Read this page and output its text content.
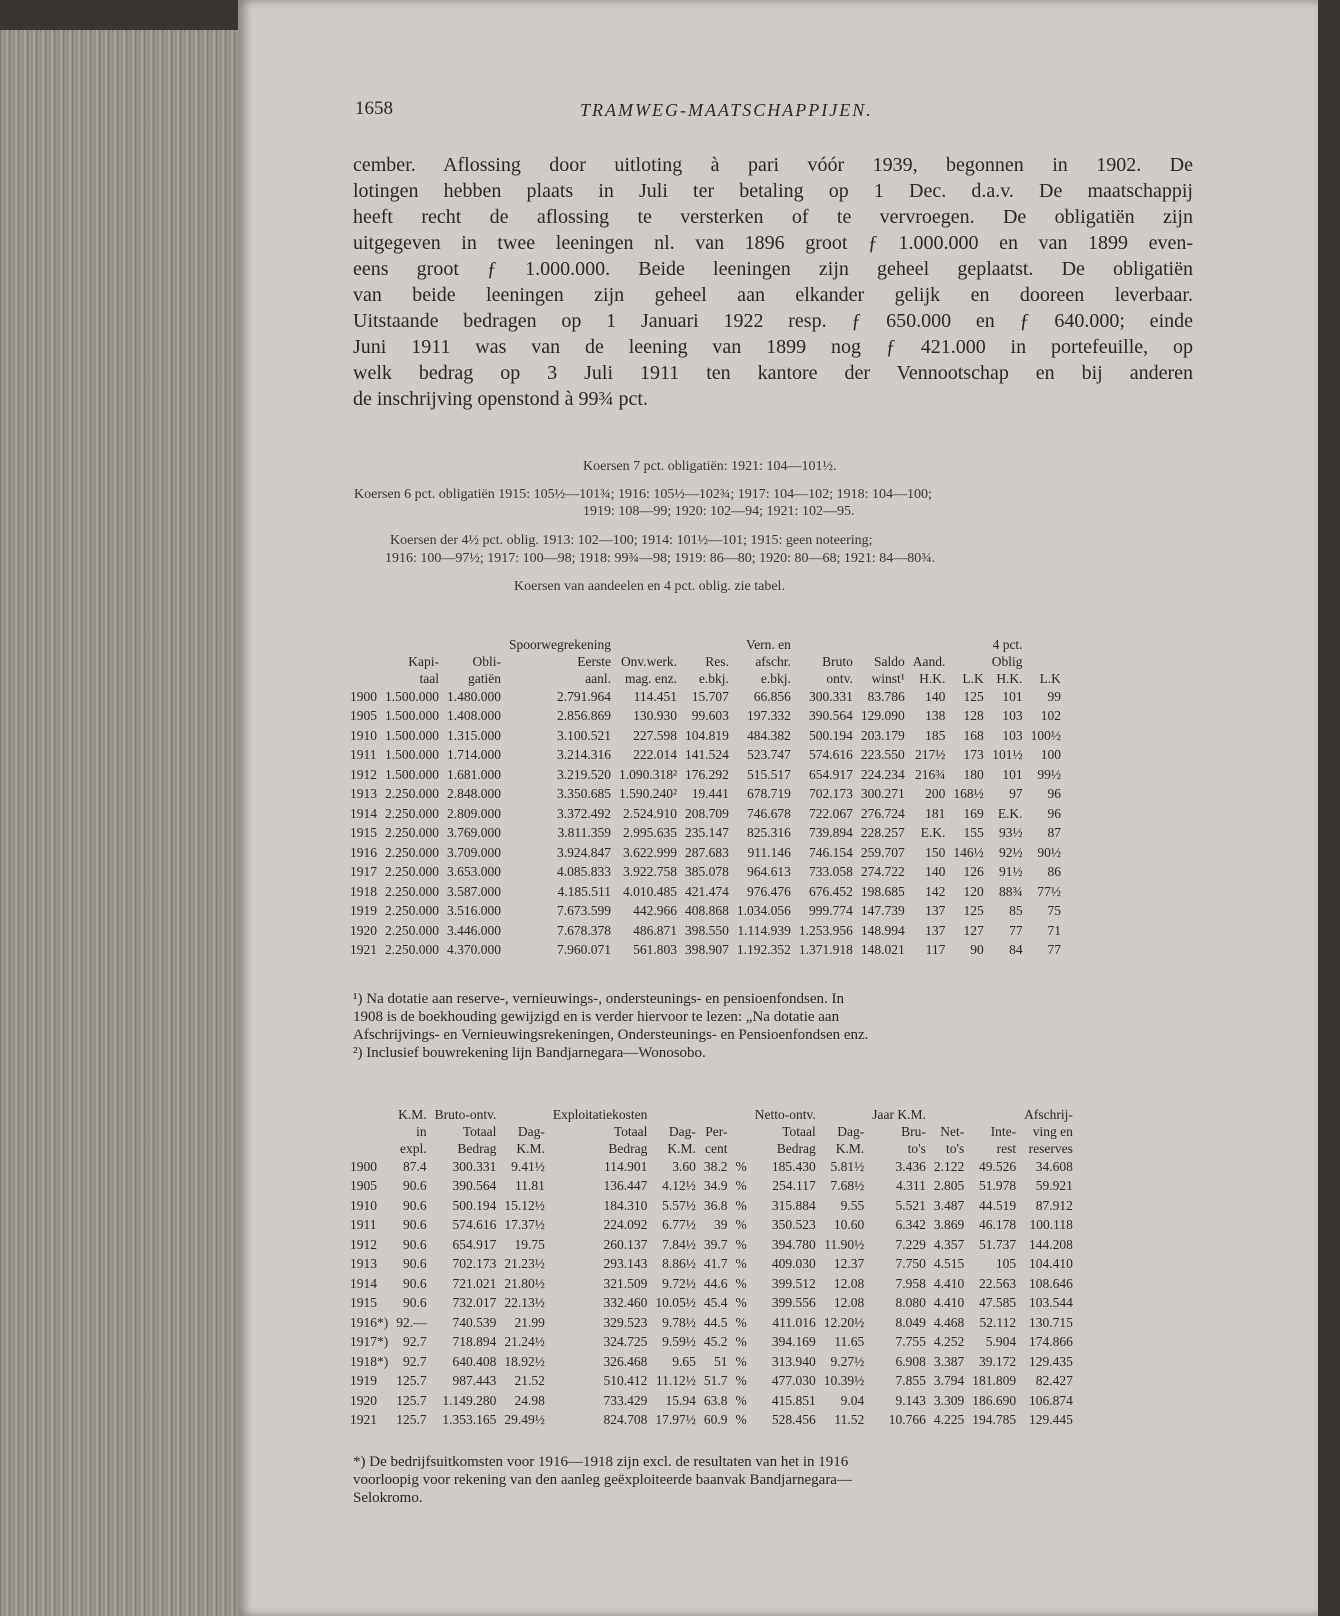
1658	TRAMWEG-MAATSCHAPPIJEN.
cember. Aflossing door uitloting à pari vóór 1939, begonnen in 1902. De
lotingen hebben plaats in Juli ter betaling op 1 Dec. d.a.v. De maatschappij
heeft recht de aflossing te versterken of te vervroegen. De obligatiën zijn
uitgegeven in twee leeningen nl. van 1896 groot ƒ 1.000.000 en van 1899 even-
eens groot ƒ 1.000.000. Beide leeningen zijn geheel geplaatst. De obligatiën
van beide leeningen zijn geheel aan elkander gelijk en dooreen leverbaar.
Uitstaande bedragen op 1 Januari 1922 resp. ƒ 650.000 en ƒ 640.000; einde
Juni 1911 was van de leening van 1899 nog ƒ 421.000 in portefeuille, op
welk bedrag op 3 Juli 1911 ten kantore der Vennootschap en bij anderen
de inschrijving openstond à 99¾ pct.
Koersen 7 pct. obligatiën: 1921: 104—101½.
Koersen 6 pct. obligatiën 1915: 105½—101¾; 1916: 105½—102¾; 1917: 104—102; 1918: 104—100;
1919: 108—99; 1920: 102—94; 1921: 102—95.
Koersen der 4½ pct. oblig. 1913: 102—100; 1914: 101½—101; 1915: geen noteering;
1916: 100—97½; 1917: 100—98; 1918: 99¾—98; 1919: 86—80; 1920: 80—68; 1921: 84—80¾.
Koersen van aandeelen en 4 pct. oblig. zie tabel.
			Spoorwegrekening			Vern. en					4 pct.	
	Kapi-	Obli-	Eerste	Onv.werk.	Res.	afschr.	Bruto	Saldo	Aand.		Oblig	
	taal	gatiën	aanl.	mag. enz.	e.bkj.	e.bkj.	ontv.	winst¹	H.K.	L.K	H.K.	L.K
1900	1.500.000	1.480.000	2.791.964	114.451	15.707	66.856	300.331	83.786	140	125	101	99
1905	1.500.000	1.408.000	2.856.869	130.930	99.603	197.332	390.564	129.090	138	128	103	102
1910	1.500.000	1.315.000	3.100.521	227.598	104.819	484.382	500.194	203.179	185	168	103	100½
1911	1.500.000	1.714.000	3.214.316	222.014	141.524	523.747	574.616	223.550	217½	173	101½	100
1912	1.500.000	1.681.000	3.219.520	1.090.318²	176.292	515.517	654.917	224.234	216¾	180	101	99½
1913	2.250.000	2.848.000	3.350.685	1.590.240²	19.441	678.719	702.173	300.271	200	168½	97	96
1914	2.250.000	2.809.000	3.372.492	2.524.910	208.709	746.678	722.067	276.724	181	169	E.K.	96
1915	2.250.000	3.769.000	3.811.359	2.995.635	235.147	825.316	739.894	228.257	E.K.	155	93½	87
1916	2.250.000	3.709.000	3.924.847	3.622.999	287.683	911.146	746.154	259.707	150	146½	92½	90½
1917	2.250.000	3.653.000	4.085.833	3.922.758	385.078	964.613	733.058	274.722	140	126	91½	86
1918	2.250.000	3.587.000	4.185.511	4.010.485	421.474	976.476	676.452	198.685	142	120	88¾	77½
1919	2.250.000	3.516.000	7.673.599	442.966	408.868	1.034.056	999.774	147.739	137	125	85	75
1920	2.250.000	3.446.000	7.678.378	486.871	398.550	1.114.939	1.253.956	148.994	137	127	77	71
1921	2.250.000	4.370.000	7.960.071	561.803	398.907	1.192.352	1.371.918	148.021	117	90	84	77
¹) Na dotatie aan reserve-, vernieuwings-, ondersteunings- en pensioenfondsen. In
1908 is de boekhouding gewijzigd en is verder hiervoor te lezen: „Na dotatie aan
Afschrijvings- en Vernieuwingsrekeningen, Ondersteunings- en Pensioenfondsen enz.
²) Inclusief bouwrekening lijn Bandjarnegara—Wonosobo.
	K.M.	Bruto-ontv.		Exploitatiekosten				Netto-ontv.		Jaar K.M.			Afschrij-
	in	Totaal	Dag-	Totaal	Dag-	Per-		Totaal	Dag-	Bru-	Net-	Inte-	ving en
	expl.	Bedrag	K.M.	Bedrag	K.M.	cent		Bedrag	K.M.	to's	to's	rest	reserves
1900	87.4	300.331	9.41½	114.901	3.60	38.2	%	185.430	5.81½	3.436	2.122	49.526	34.608
1905	90.6	390.564	11.81	136.447	4.12½	34.9	%	254.117	7.68½	4.311	2.805	51.978	59.921
1910	90.6	500.194	15.12½	184.310	5.57½	36.8	%	315.884	9.55	5.521	3.487	44.519	87.912
1911	90.6	574.616	17.37½	224.092	6.77½	39	%	350.523	10.60	6.342	3.869	46.178	100.118
1912	90.6	654.917	19.75	260.137	7.84½	39.7	%	394.780	11.90½	7.229	4.357	51.737	144.208
1913	90.6	702.173	21.23½	293.143	8.86½	41.7	%	409.030	12.37	7.750	4.515	105	104.410
1914	90.6	721.021	21.80½	321.509	9.72½	44.6	%	399.512	12.08	7.958	4.410	22.563	108.646
1915	90.6	732.017	22.13½	332.460	10.05½	45.4	%	399.556	12.08	8.080	4.410	47.585	103.544
1916*)	92.—	740.539	21.99	329.523	9.78½	44.5	%	411.016	12.20½	8.049	4.468	52.112	130.715
1917*)	92.7	718.894	21.24½	324.725	9.59½	45.2	%	394.169	11.65	7.755	4.252	5.904	174.866
1918*)	92.7	640.408	18.92½	326.468	9.65	51	%	313.940	9.27½	6.908	3.387	39.172	129.435
1919	125.7	987.443	21.52	510.412	11.12½	51.7	%	477.030	10.39½	7.855	3.794	181.809	82.427
1920	125.7	1.149.280	24.98	733.429	15.94	63.8	%	415.851	9.04	9.143	3.309	186.690	106.874
1921	125.7	1.353.165	29.49½	824.708	17.97½	60.9	%	528.456	11.52	10.766	4.225	194.785	129.445
*) De bedrijfsuitkomsten voor 1916—1918 zijn excl. de resultaten van het in 1916
voorloopig voor rekening van den aanleg geëxploiteerde baanvak Bandjarnegara—
Selokromo.
